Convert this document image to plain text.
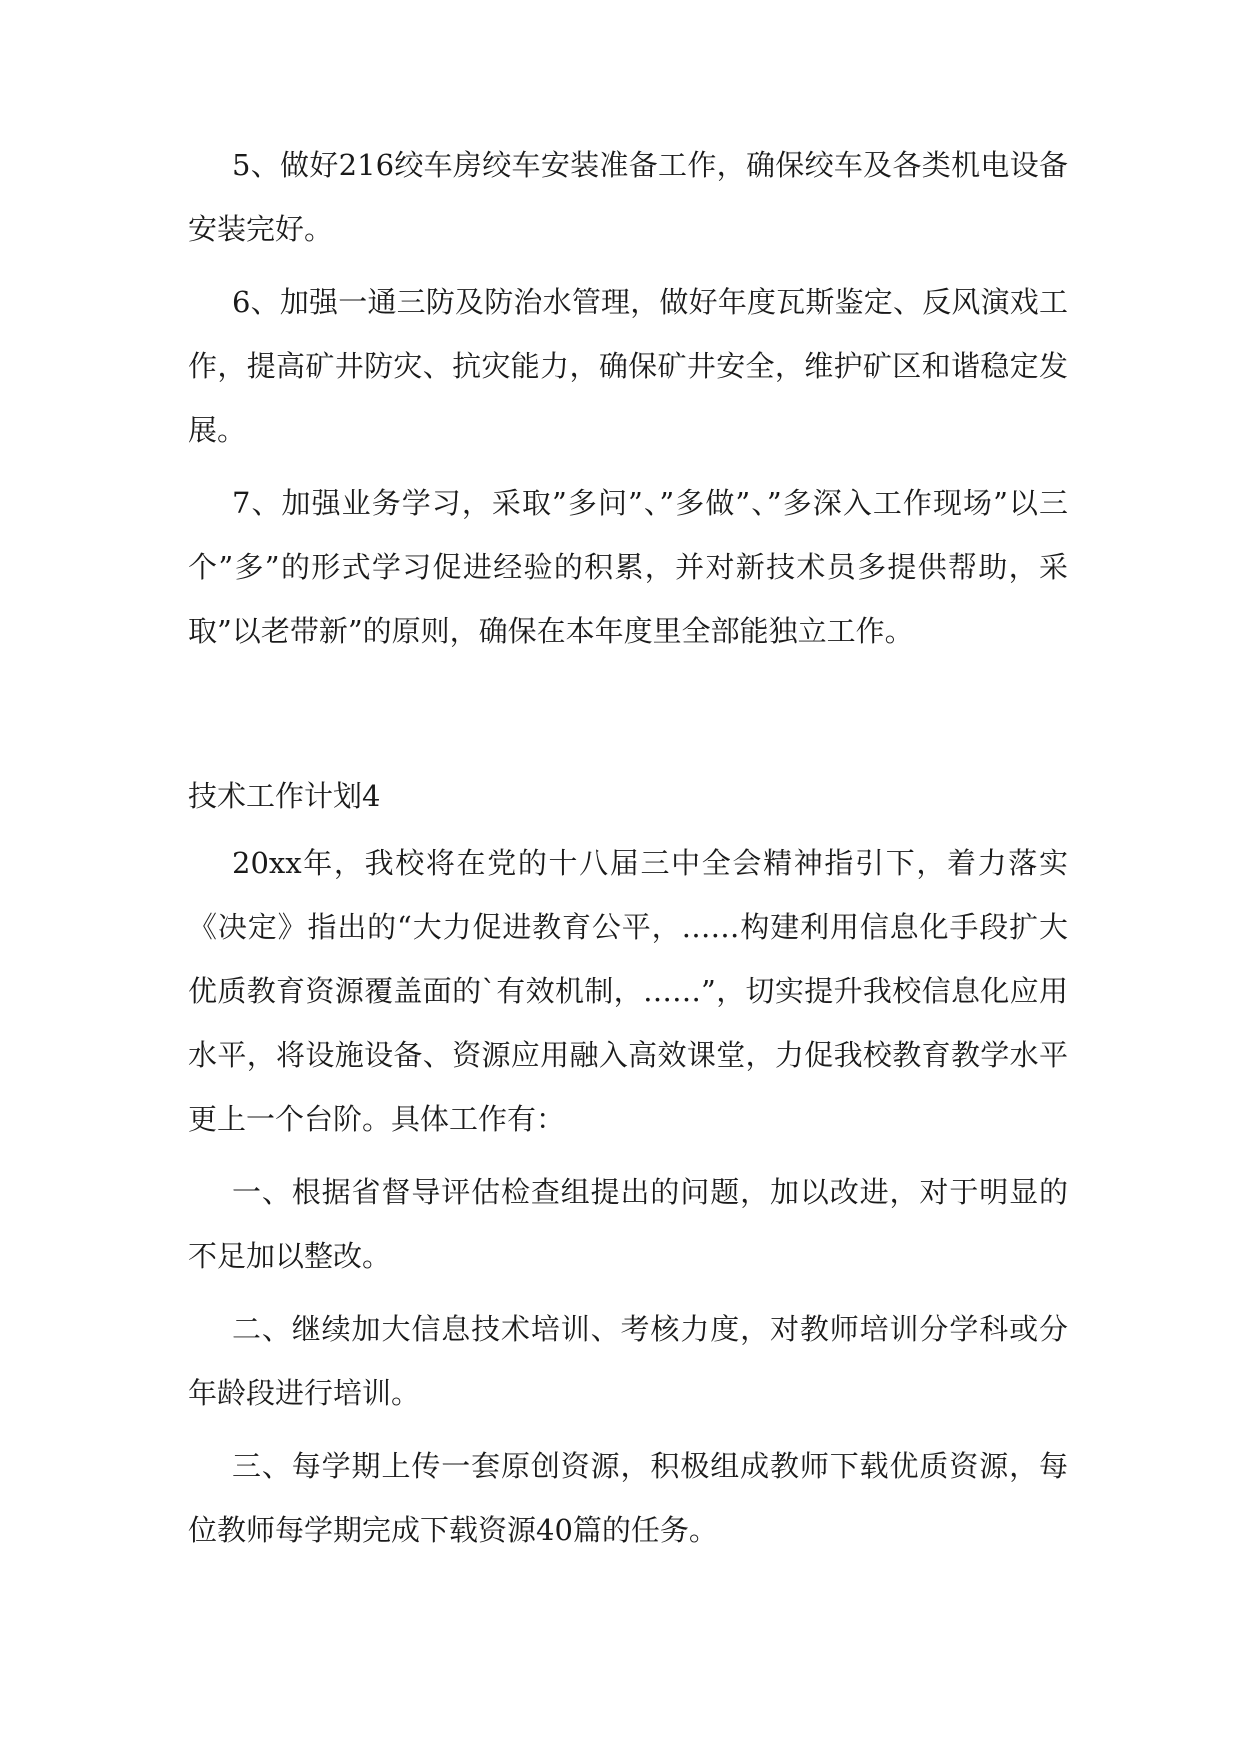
5、做好216绞车房绞车安装准备工作，确保绞车及各类机电设备安装完好。

6、加强一通三防及防治水管理，做好年度瓦斯鉴定、反风演戏工作，提高矿井防灾、抗灾能力，确保矿井安全，维护矿区和谐稳定发展。

7、加强业务学习，采取”多问”、”多做”、”多深入工作现场”以三个”多”的形式学习促进经验的积累，并对新技术员多提供帮助，采取”以老带新”的原则，确保在本年度里全部能独立工作。

技术工作计划4

20xx年，我校将在党的十八届三中全会精神指引下，着力落实《决定》指出的“大力促进教育公平，……构建利用信息化手段扩大优质教育资源覆盖面的`有效机制，……”，切实提升我校信息化应用水平，将设施设备、资源应用融入高效课堂，力促我校教育教学水平更上一个台阶。具体工作有：

一、根据省督导评估检查组提出的问题，加以改进，对于明显的不足加以整改。

二、继续加大信息技术培训、考核力度，对教师培训分学科或分年龄段进行培训。

三、每学期上传一套原创资源，积极组成教师下载优质资源，每位教师每学期完成下载资源40篇的任务。
